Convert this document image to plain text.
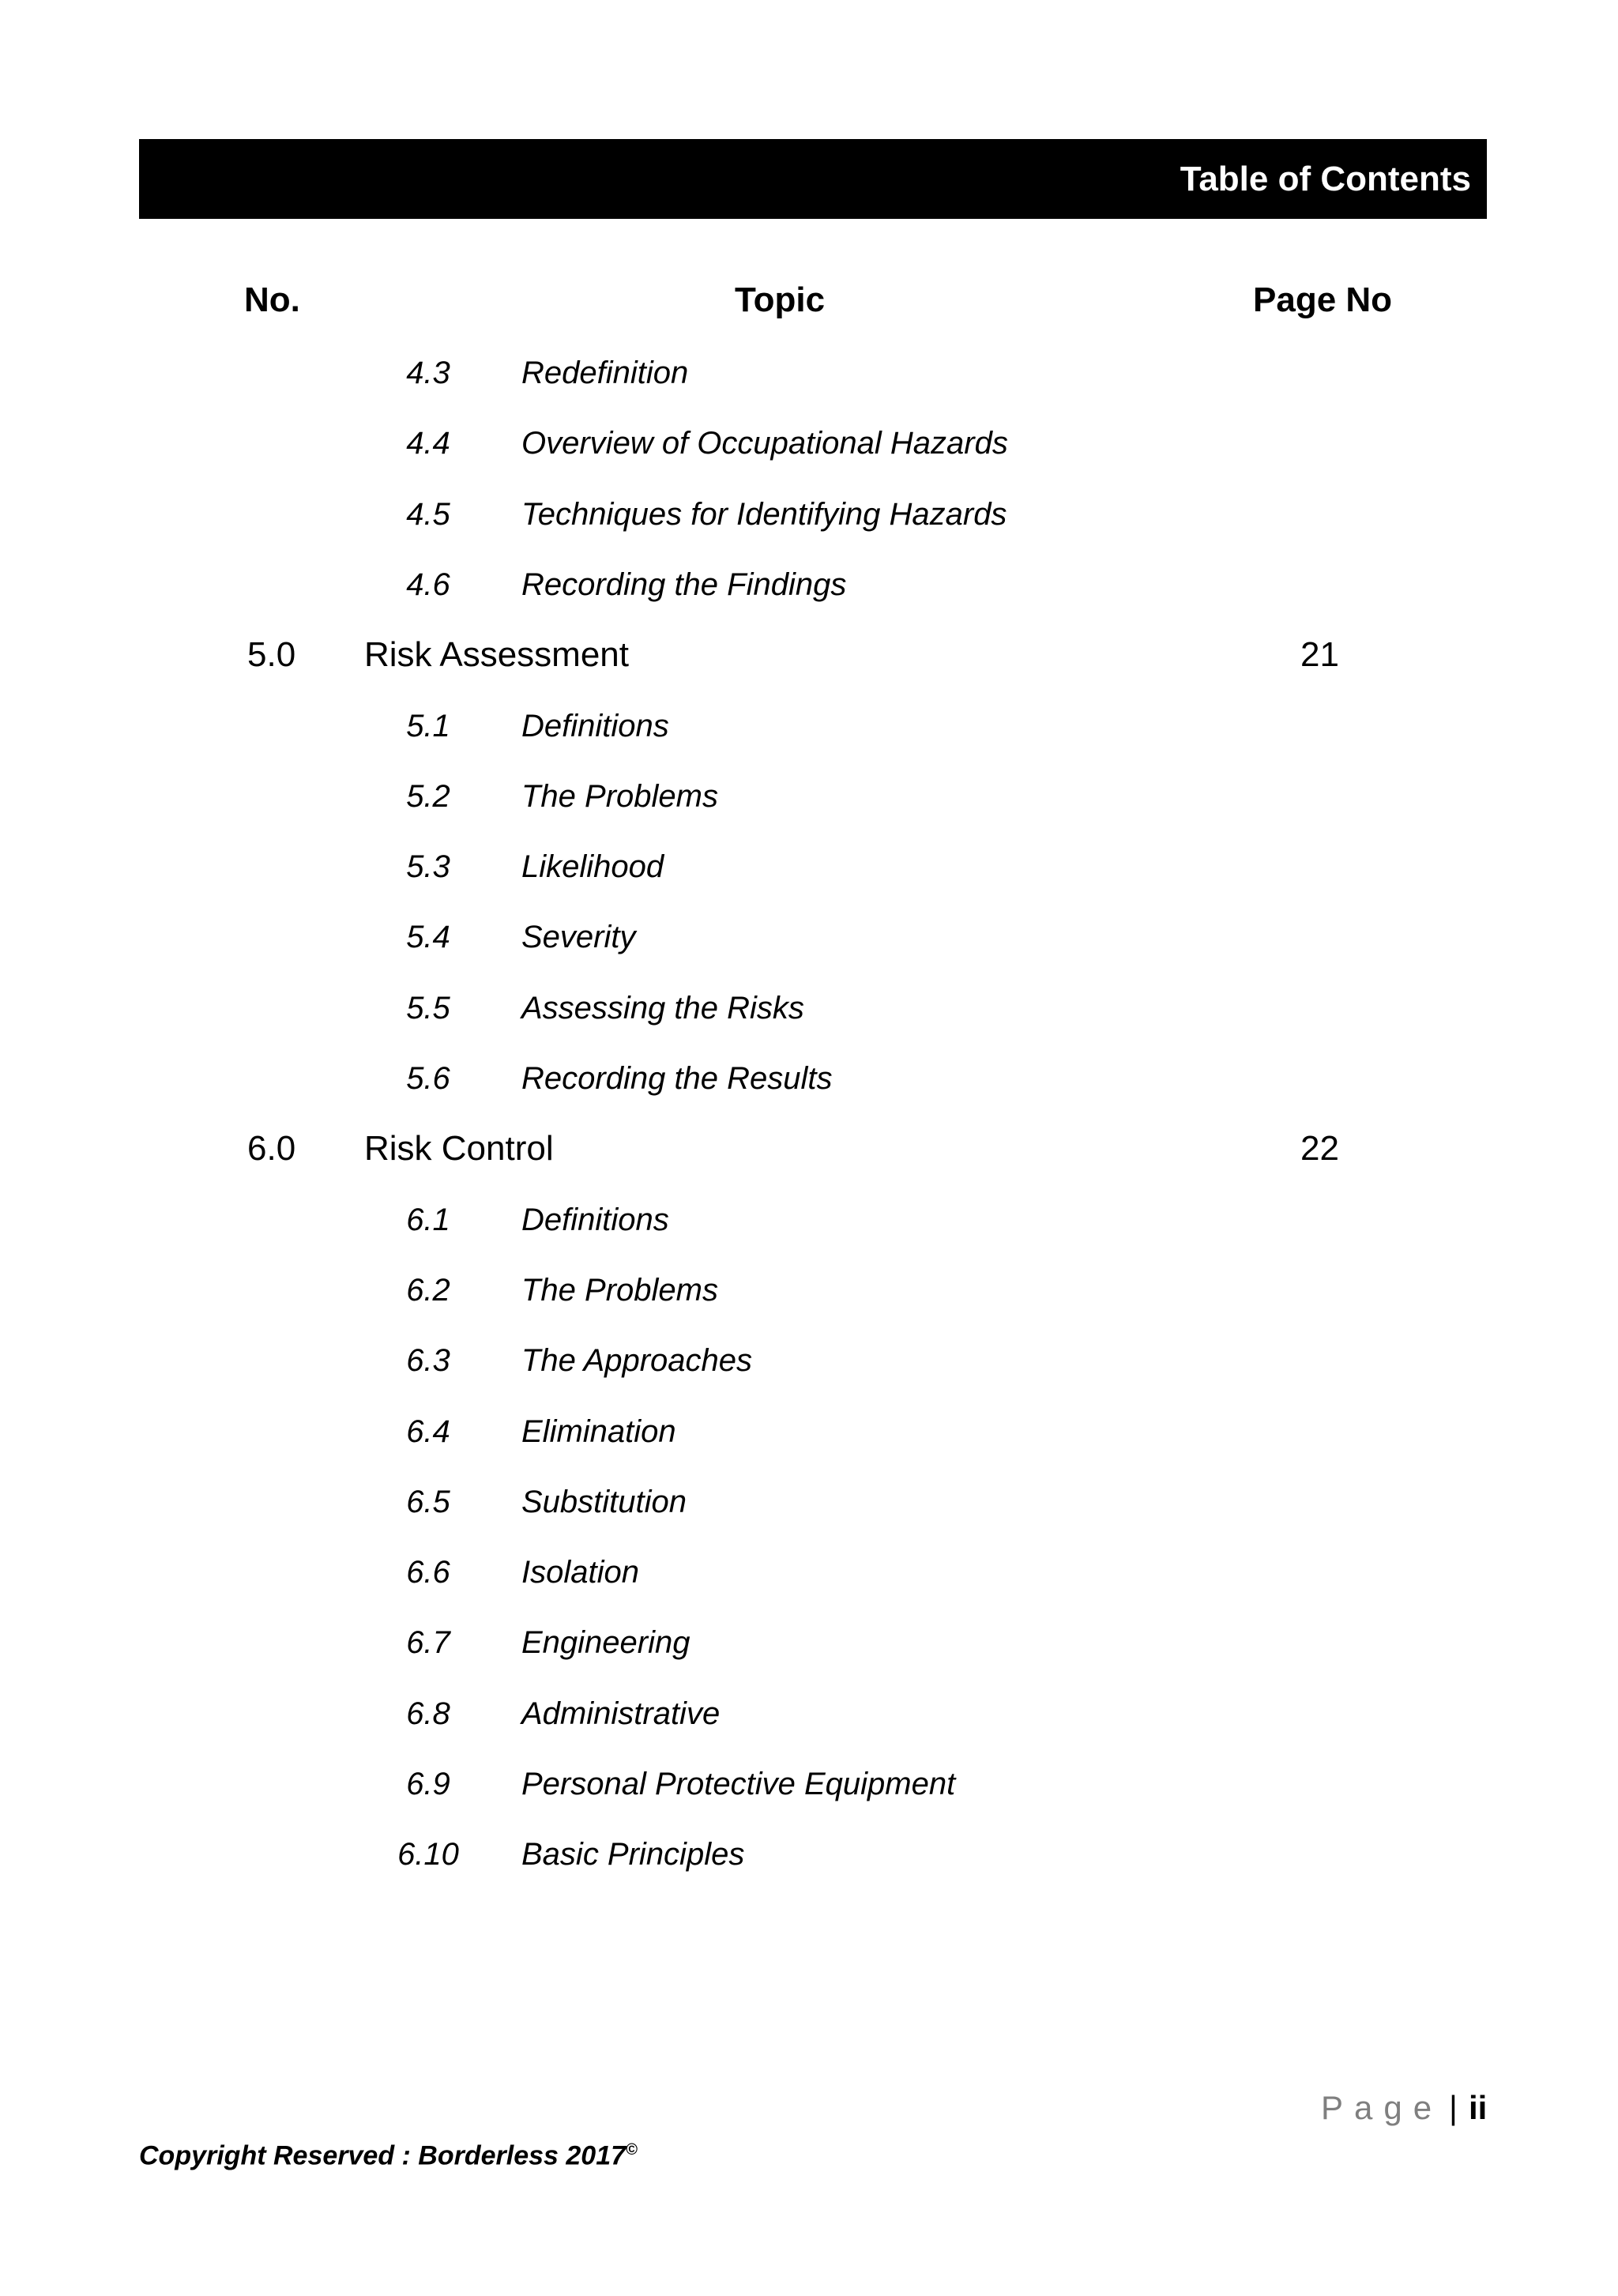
Table of Contents
No.	Topic	Page No
4.3	Redefinition
4.4	Overview of Occupational Hazards
4.5	Techniques for Identifying Hazards
4.6	Recording the Findings
5.0 Risk Assessment	21
5.1	Definitions
5.2	The Problems
5.3	Likelihood
5.4	Severity
5.5	Assessing the Risks
5.6	Recording the Results
6.0 Risk Control	22
6.1	Definitions
6.2	The Problems
6.3	The Approaches
6.4	Elimination
6.5	Substitution
6.6	Isolation
6.7	Engineering
6.8	Administrative
6.9	Personal Protective Equipment
6.10	Basic Principles
Page | ii
Copyright Reserved : Borderless 2017©
